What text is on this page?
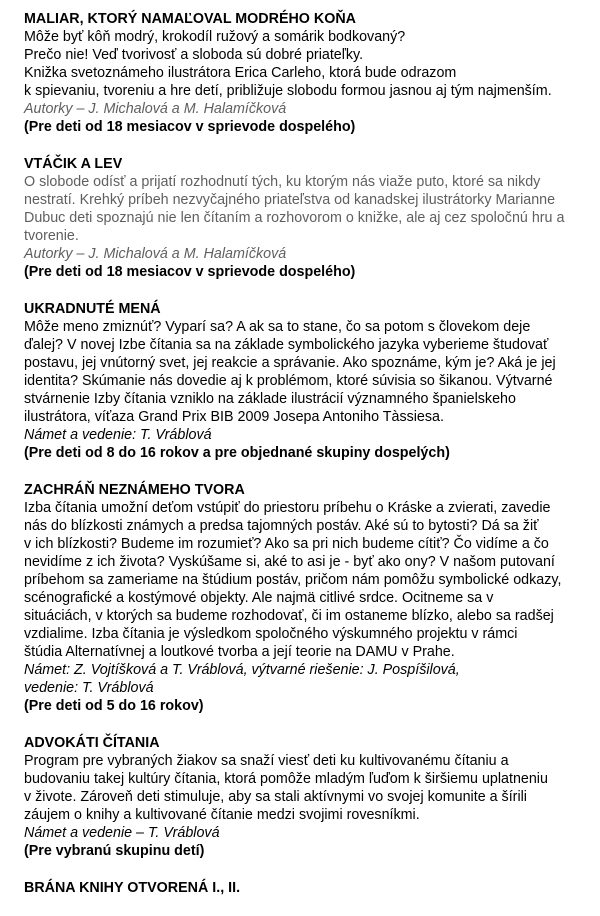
MALIAR, KTORÝ NAMAĽOVAL MODRÉHO KOŇA

Môže byť kôň modrý, krokodíl ružový a somárik bodkovaný?

Prečo nie! Veď tvorivosť a sloboda sú dobré priateľky.

Knižka svetoznámeho ilustrátora Erica Carleho, ktorá bude odrazom

k spievaniu, tvoreniu a hre detí, približuje slobodu formou jasnou aj tým najmenším.

Autorky – J. Michalová a M. Halamíčková

(Pre deti od 18 mesiacov v sprievode dospelého)

VTÁČIK A LEV

O slobode odísť a prijatí rozhodnutí tých, ku ktorým nás viaže puto, ktoré sa nikdy

nestratí. Krehký príbeh nezvyčajného priateľstva od kanadskej ilustrátorky Marianne

Dubuc deti spoznajú nie len čítaním a rozhovorom o knižke, ale aj cez spoločnú hru a

tvorenie.

Autorky – J. Michalová a M. Halamíčková

(Pre deti od 18 mesiacov v sprievode dospelého)

UKRADNUTÉ MENÁ

Môže meno zmiznúť? Vyparí sa? A ak sa to stane, čo sa potom s človekom deje

ďalej? V novej Izbe čítania sa na základe symbolického jazyka vyberieme študovať

postavu, jej vnútorný svet, jej reakcie a správanie. Ako spoznáme, kým je? Aká je jej

identita? Skúmanie nás dovedie aj k problémom, ktoré súvisia so šikanou. Výtvarné

stvárnenie Izby čítania vzniklo na základe ilustrácií významného španielskeho

ilustrátora, víťaza Grand Prix BIB 2009 Josepa Antoniho Tàssiesa.

Námet a vedenie: T. Vráblová

(Pre deti od 8 do 16 rokov a pre objednané skupiny dospelých)

ZACHRÁŇ NEZNÁMEHO TVORA

Izba čítania umožní deťom vstúpiť do priestoru príbehu o Kráske a zvierati, zavedie

nás do blízkosti známych a predsa tajomných postáv. Aké sú to bytosti? Dá sa žiť

v ich blízkosti? Budeme im rozumieť? Ako sa pri nich budeme cítiť? Čo vidíme a čo

nevidíme z ich života? Vyskúšame si, aké to asi je - byť ako ony? V našom putovaní

príbehom sa zameriame na štúdium postáv, pričom nám pomôžu symbolické odkazy,

scénografické a kostýmové objekty. Ale najmä citlivé srdce. Ocitneme sa v

situáciách, v ktorých sa budeme rozhodovať, či im ostaneme blízko, alebo sa radšej

vzdialime. Izba čítania je výsledkom spoločného výskumného projektu v rámci

štúdia Alternatívnej a loutkové tvorba a její teorie na DAMU v Prahe.

Námet: Z. Vojtíšková a T. Vráblová, výtvarné riešenie: J. Pospíšilová,

vedenie: T. Vráblová

(Pre deti od 5 do 16 rokov)

ADVOKÁTI ČÍTANIA

Program pre vybraných žiakov sa snaží viesť deti ku kultivovanému čítaniu a

budovaniu takej kultúry čítania, ktorá pomôže mladým ľuďom k širšiemu uplatneniu

v živote. Zároveň deti stimuluje, aby sa stali aktívnymi vo svojej komunite a šírili

záujem o knihy a kultivované čítanie medzi svojimi rovesníkmi.

Námet a vedenie – T. Vráblová

(Pre vybranú skupinu detí)

BRÁNA KNIHY OTVORENÁ I., II.
